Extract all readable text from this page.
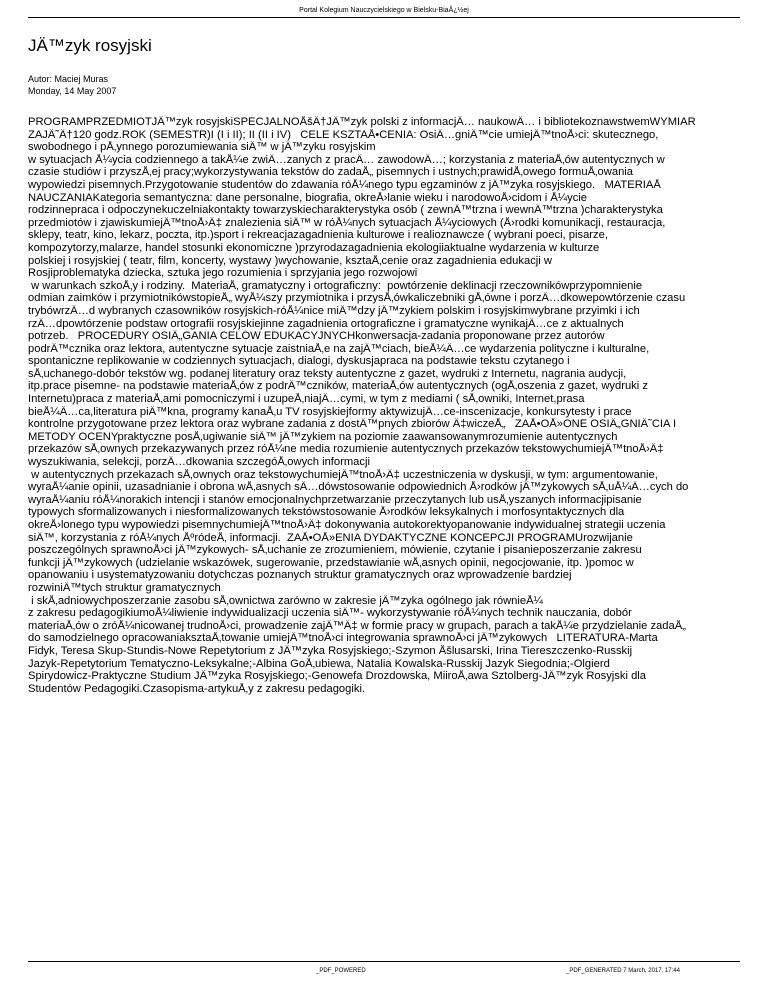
Portal Kolegium Nauczycielskiego w Bielsku-BiaÅ¿½ej
JÄ™zyk rosyjski
Autor: Maciej Muras
Monday, 14 May 2007
PROGRAMPRZEDMIOTJÄ™zyk rosyjskiSPECJALNOÅšÄ†JÄ™zyk polski z informacjÄ… naukowÄ… i bibliotekoznawstwemWYMIAR
ZAJÄ˜Ä†120 godz.ROK (SEMESTR)I (I i II); II (II i IV)   CELE KSZTAÅ•CENIA: OsiÄ…gniÄ™cie umiejÄ™tnoÅ›ci: skutecznego,
swobodnego i pÅ‚ynnego porozumiewania siÄ™ w jÄ™zyku rosyjskim
w sytuacjach Å¼ycia codziennego a takÅ¼e zwiÄ…zanych z pracÄ… zawodowÄ…; korzystania z materiaÅ‚ów autentycznych w
czasie studiów i przyszÅ‚ej pracy;wykorzystywania tekstów do zadaÅ„ pisemnych i ustnych;prawidÅ‚owego formuÅ‚owania
wypowiedzi pisemnych.Przygotowanie studentów do zdawania róÅ¼nego typu egzaminów z jÄ™zyka rosyjskiego.   MATERIAÅ
NAUCZANIAKategoria semantyczna: dane personalne, biografia, okreÅ›lanie wieku i narodowoÅ›cidom i Å¼ycie
rodzinnepraca i odpoczynekuczelniakontakty towarzyskiecharakterystyka osób ( zewnÄ™trzna i wewnÄ™trzna )charakterystyka
przedmiotów i zjawiskumiejÄ™tnoÅ›Ä‡ znalezienia siÄ™ w róÅ¼nych sytuacjach Å¼yciowych (Å›rodki komunikacji, restauracja,
sklepy, teatr, kino, lekarz, poczta, itp.)sport i rekreacjazagadnienia kulturowe i realioznawcze ( wybrani poeci, pisarze,
kompozytorzy,malarze, handel stosunki ekonomiczne )przyrodazagadnienia ekologiiaktualne wydarzenia w kulturze
polskiej i rosyjskiej ( teatr, film, koncerty, wystawy )wychowanie, ksztaÅ‚cenie oraz zagadnienia edukacji w
Rosjiproblematyka dziecka, sztuka jego rozumienia i sprzyjania jego rozwojowi
w warunkach szkoÅ‚y i rodziny.  MateriaÅ‚ gramatyczny i ortograficzny:  powtórzenie deklinacji rzeczownikówprzypomnienie
odmian zaimków i przymiotnikówstopieÅ„ wyÅ¼szy przymiotnika i przysÅ‚ówkaliczebniki gÅ‚ówne i porzÄ…dkowepowtórzenie czasu
trybówrzÄ…d wybranych czasowników rosyjskich-róÅ¼nice miÄ™dzy jÄ™zykiem polskim i rosyjskimwybrane przyimki i ich
rzÄ…dpowtórzenie podstaw ortografii rosyjskiejinne zagadnienia ortograficzne i gramatyczne wynikajÄ…ce z aktualnych
potrzeb.   PROCEDURY OSIÄ„GANIA CELÓW EDUKACYJNYCHkonwersacja-zadania proponowane przez autorów
podrÄ™cznika oraz lektora, autentyczne sytuacje zaistniaÅ‚e na zajÄ™ciach, bieÅ¼Ä…ce wydarzenia polityczne i kulturalne,
spontaniczne replikowanie w codziennych sytuacjach, dialogi, dyskusjapraca na podstawie tekstu czytanego i
sÅ‚uchanego-dobór tekstów wg. podanej literatury oraz teksty autentyczne z gazet, wydruki z Internetu, nagrania audycji,
itp.prace pisemne- na podstawie materiaÅ‚ów z podrÄ™czników, materiaÅ‚ów autentycznych (ogÅ‚oszenia z gazet, wydruki z
Internetu)praca z materiaÅ‚ami pomocniczymi i uzupeÅ‚niajÄ…cymi, w tym z mediami ( sÅ‚owniki, Internet,prasa
bieÅ¼Ä…ca,literatura piÄ™kna, programy kanaÅ‚u TV rosyjskiejformy aktywizujÄ…ce-inscenizacje, konkursytesty i prace
kontrolne przygotowane przez lektora oraz wybrane zadania z dostÄ™pnych zbiorów Ä‡wiczeÅ„   ZAÅ•OÅ»ONE OSIÄ„GNIÄ˜CIA I
METODY OCENYpraktyczne posÅ‚ugiwanie siÄ™ jÄ™zykiem na poziomie zaawansowanymrozumienie autentycznych
przekazów sÅ‚ownych przekazywanych przez róÅ¼ne media rozumienie autentycznych przekazów tekstowychumiejÄ™tnoÅ›Ä‡
wyszukiwania, selekcji, porzÄ…dkowania szczegóÅ‚owych informacji
w autentycznych przekazach sÅ‚ownych oraz tekstowychumiejÄ™tnoÅ›Ä‡ uczestniczenia w dyskusji, w tym: argumentowanie,
wyraÅ¼anie opinii, uzasadnianie i obrona wÅ‚asnych sÄ…dówstosowanie odpowiednich Å›rodków jÄ™zykowych sÅ‚uÅ¼Ä…cych do
wyraÅ¼aniu róÅ¼norakich intencji i stanów emocjonalnychprzetwarzanie przeczytanych lub usÅ‚yszanych informacjipisanie
typowych sformalizowanych i niesformalizowanych tekstówstosowanie Å›rodków leksykalnych i morfosyntaktycznych dla
okreÅ›lonego typu wypowiedzi pisemnychumiejÄ™tnoÅ›Ä‡ dokonywania autokorektyopanowanie indywidualnej strategii uczenia
siÄ™, korzystania z róÅ¼nych ÅºródeÅ‚ informacji.  ZAÅ•OÅ»ENIA DYDAKTYCZNE KONCEPCJI PROGRAMUrozwijanie
poszczególnych sprawnoÅ›ci jÄ™zykowych- sÅ‚uchanie ze zrozumieniem, mówienie, czytanie i pisanieposzerzanie zakresu
funkcji jÄ™zykowych (udzielanie wskazówek, sugerowanie, przedstawianie wÅ‚asnych opinii, negocjowanie, itp. )pomoc w
opanowaniu i usystematyzowaniu dotychczas poznanych struktur gramatycznych oraz wprowadzenie bardziej
rozwiniÄ™tych struktur gramatycznych
i skÅ‚adniowychposzerzanie zasobu sÅ‚ownictwa zarówno w zakresie jÄ™zyka ogólnego jak równieÅ¼
z zakresu pedagogikiumoÅ¼liwienie indywidualizacji uczenia siÄ™- wykorzystywanie róÅ¼nych technik nauczania, dobór
materiaÅ‚ów o zróÅ¼nicowanej trudnoÅ›ci, prowadzenie zajÄ™Ä‡ w formie pracy w grupach, parach a takÅ¼e przydzielanie zadaÅ„
do samodzielnego opracowaniaksztaÅ‚towanie umiejÄ™tnoÅ›ci integrowania sprawnoÅ›ci jÄ™zykowych   LITERATURA-Marta
Fidyk, Teresa Skup-Stundis-Nowe Repetytorium z JÄ™zyka Rosyjskiego;-Szymon Åšlusarski, Irina Tiereszczenko-Russkij
Jazyk-Repetytorium Tematyczno-Leksykalne;-Albina GoÅ‚ubiewa, Natalia Kowalska-Russkij Jazyk Siegodnia;-Olgierd
Spirydowicz-Praktyczne Studium JÄ™zyka Rosyjskiego;-Genowefa Drozdowska, MiiroÅ‚awa Sztolberg-JÄ™zyk Rosyjski dla
Studentów Pedagogiki.Czasopisma-artykuÅ‚y z zakresu pedagogiki.
_PDF_POWERED	_PDF_GENERATED 7 March, 2017, 17:44
